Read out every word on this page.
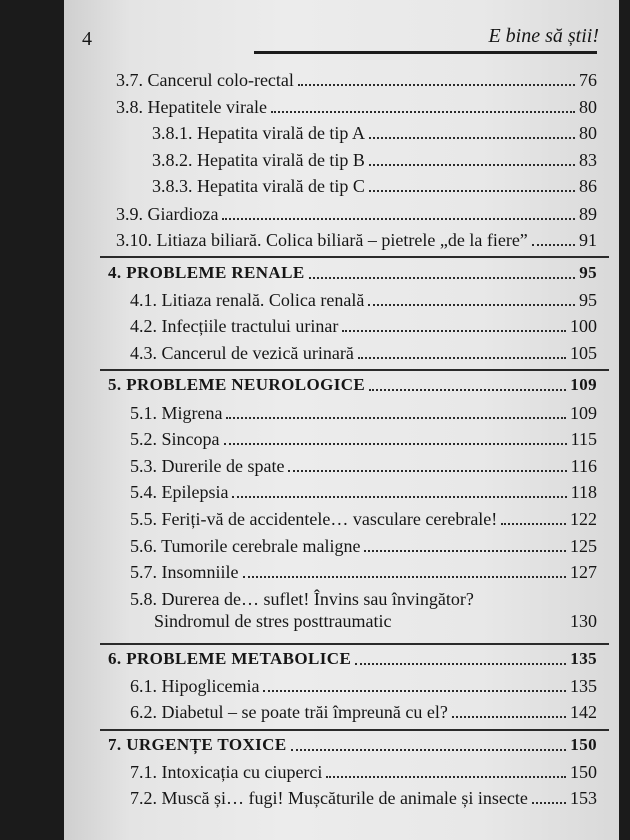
4	E bine să știi!
3.7. Cancerul colo-rectal	76
3.8. Hepatitele virale	80
3.8.1. Hepatita virală de tip A	80
3.8.2. Hepatita virală de tip B	83
3.8.3. Hepatita virală de tip C	86
3.9. Giardioza	89
3.10. Litiaza biliară. Colica biliară – pietrele „de la fiere”	91
4. PROBLEME RENALE	95
4.1. Litiaza renală. Colica renală	95
4.2. Infecțiile tractului urinar	100
4.3. Cancerul de vezică urinară	105
5. PROBLEME NEUROLOGICE	109
5.1. Migrena	109
5.2. Sincopa	115
5.3. Durerile de spate	116
5.4. Epilepsia	118
5.5. Feriți-vă de accidentele… vasculare cerebrale!	122
5.6. Tumorile cerebrale maligne	125
5.7. Insomniile	127
5.8. Durerea de… suflet! Învins sau învingător?
Sindromul de stres posttraumatic	130
6. PROBLEME METABOLICE	135
6.1. Hipoglicemia	135
6.2. Diabetul – se poate trăi împreună cu el?	142
7. URGENȚE TOXICE	150
7.1. Intoxicația cu ciuperci	150
7.2. Muscă și… fugi! Mușcăturile de animale și insecte 153
